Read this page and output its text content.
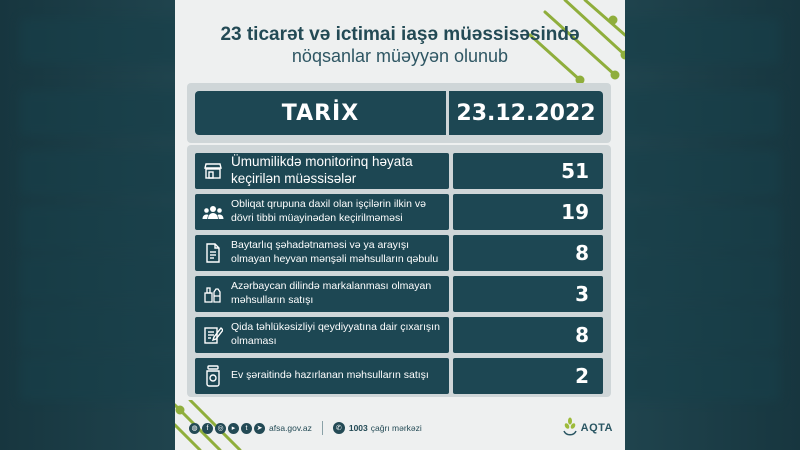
23 ticarət və ictimai iaşə müəssisəsində
nöqsanlar müəyyən olunub
TARİX	23.12.2022
Ümumilikdə monitorinq həyata keçirilən müəssisələr	51
Obliqat qrupuna daxil olan işçilərin ilkin və dövri tibbi müayinədən keçirilməməsi	19
Baytarlıq şəhadətnaməsi və ya arayışı olmayan heyvan mənşəli məhsulların qəbulu	8
Azərbaycan dilində markalanması olmayan məhsulların satışı	3
Qida təhlükəsizliyi qeydiyyatına dair çıxarışın olmaması	8
Ev şəraitində hazırlanan məhsulların satışı	2
◍	f	◎	▸	t	➤ afsa.gov.az	✆ 1003 çağrı mərkəzi	AQTA
